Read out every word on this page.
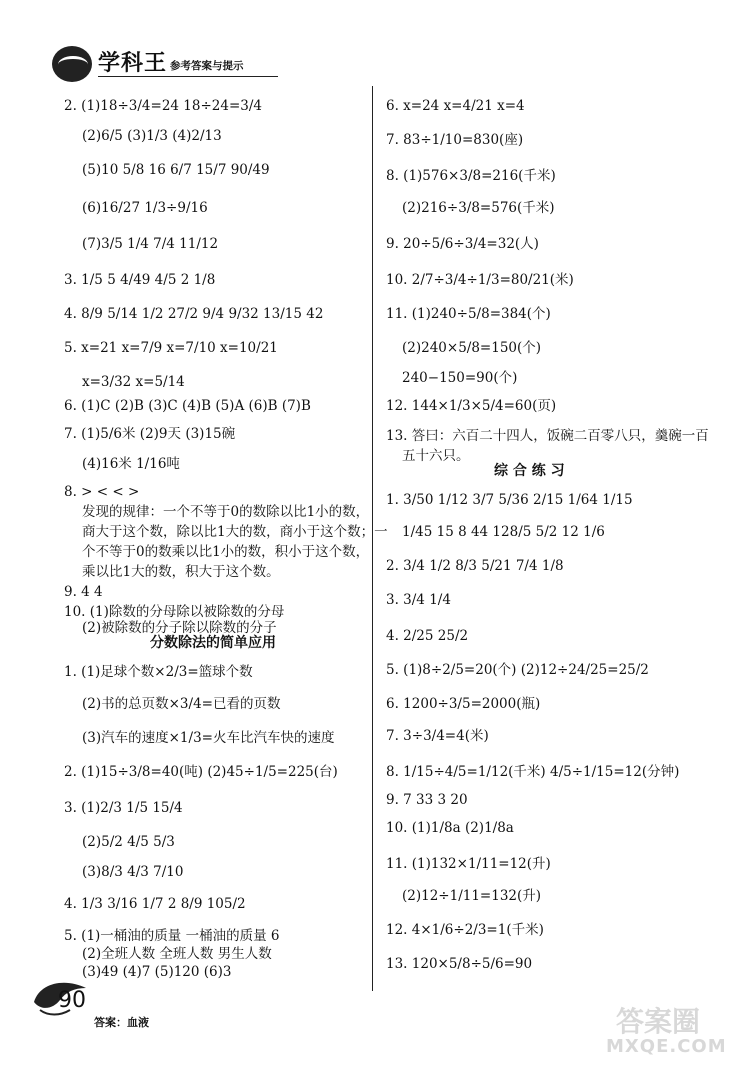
学科王 参考答案与提示
2. (1)18÷3/4=24 18÷24=3/4
(2)6/5 (3)1/3 (4)2/13
(5)10 5/8 16 6/7 15/7 90/49
(6)16/27 1/3÷9/16
(7)3/5 1/4 7/4 11/12
3. 1/5 5 4/49 4/5 2 1/8
4. 8/9 5/14 1/2 27/2 9/4 9/32 13/15 42
5. x=21 x=7/9 x=7/10 x=10/21
x=3/32 x=5/14
6. (1)C (2)B (3)C (4)B (5)A (6)B (7)B
7. (1)5/6米 (2)9天 (3)15碗
(4)16米 1/16吨
8. > < < >
发现的规律：一个不等于0的数除以比1小的数，
商大于这个数，除以比1大的数，商小于这个数；一
个不等于0的数乘以比1小的数，积小于这个数，
乘以比1大的数，积大于这个数。
9. 4 4
10. (1)除数的分母除以被除数的分母
(2)被除数的分子除以除数的分子
1. (1)足球个数×2/3=篮球个数
(2)书的总页数×3/4=已看的页数
(3)汽车的速度×1/3=火车比汽车快的速度
2. (1)15÷3/8=40(吨) (2)45÷1/5=225(台)
3. (1)2/3 1/5 15/4
(2)5/2 4/5 5/3
(3)8/3 4/3 7/10
4. 1/3 3/16 1/7 2 8/9 105/2
5. (1)一桶油的质量 一桶油的质量 6
(2)全班人数 全班人数 男生人数
(3)49 (4)7 (5)120 (6)3
分数除法的简单应用
6. x=24 x=4/21 x=4
7. 83÷1/10=830(座)
8. (1)576×3/8=216(千米)
(2)216÷3/8=576(千米)
9. 20÷5/6÷3/4=32(人)
10. 2/7÷3/4÷1/3=80/21(米)
11. (1)240÷5/8=384(个)
(2)240×5/8=150(个)
240−150=90(个)
12. 144×1/3×5/4=60(页)
13. 答曰：六百二十四人，饭碗二百零八只，羹碗一百
五十六只。
1. 3/50 1/12 3/7 5/36 2/15 1/64 1/15
1/45 15 8 44 128/5 5/2 12 1/6
2. 3/4 1/2 8/3 5/21 7/4 1/8
3. 3/4 1/4
4. 2/25 25/2
5. (1)8÷2/5=20(个) (2)12÷24/25=25/2
6. 1200÷3/5=2000(瓶)
7. 3÷3/4=4(米)
8. 1/15÷4/5=1/12(千米) 4/5÷1/15=12(分钟)
9. 7 33 3 20
10. (1)1/8a (2)1/8a
11. (1)132×1/11=12(升)
(2)12÷1/11=132(升)
12. 4×1/6÷2/3=1(千米)
13. 120×5/8÷5/6=90
综 合 练 习
90
答案：血液	答案圈
MXQE.COM
